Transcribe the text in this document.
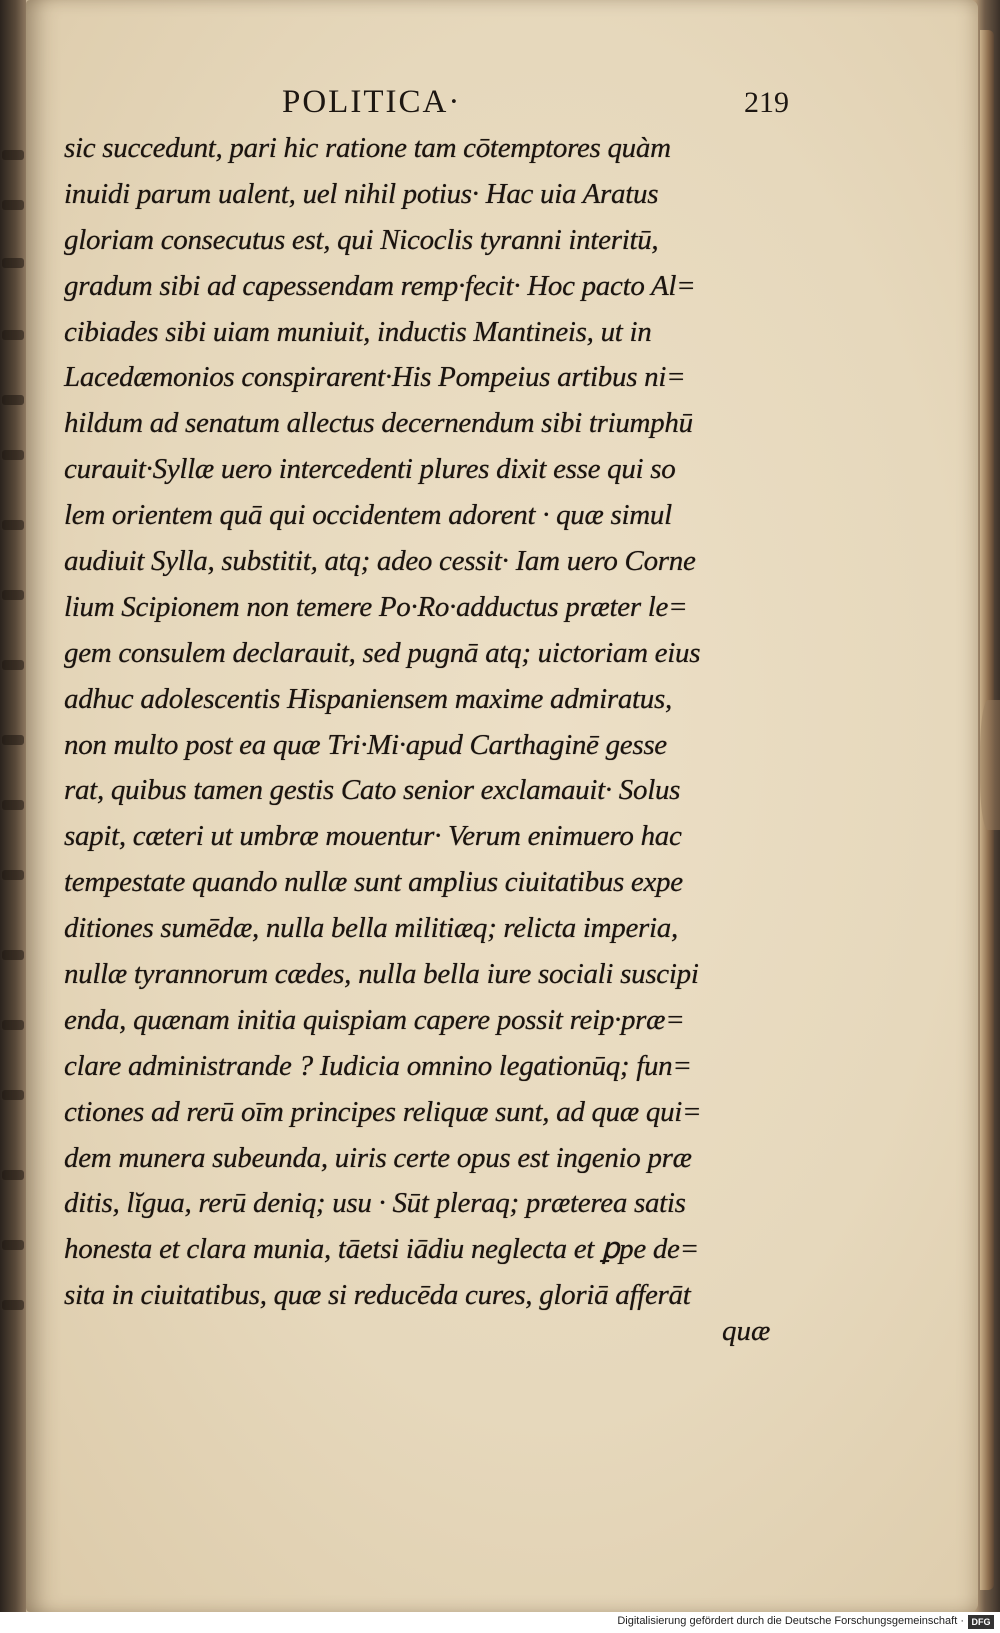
POLITICA·	219
sic succedunt, pari hic ratione tam cōtemptores quàm
inuidi parum ualent, uel nihil potius· Hac uia Aratus
gloriam consecutus est, qui Nicoclis tyranni interitū,
gradum sibi ad capessendam remp·fecit· Hoc pacto Al=
cibiades sibi uiam muniuit, inductis Mantineis, ut in
Lacedæmonios conspirarent·His Pompeius artibus ni=
hildum ad senatum allectus decernendum sibi triumphū
curauit·Syllæ uero intercedenti plures dixit esse qui so
lem orientem quā qui occidentem adorent · quæ simul
audiuit Sylla, substitit, atq; adeo cessit· Iam uero Corne
lium Scipionem non temere Po·Ro·adductus præter le=
gem consulem declarauit, sed pugnā atq; uictoriam eius
adhuc adolescentis Hispaniensem maxime admiratus,
non multo post ea quæ Tri·Mi·apud Carthaginē gesse
rat, quibus tamen gestis Cato senior exclamauit· Solus
sapit, cæteri ut umbræ mouentur· Verum enimuero hac
tempestate quando nullæ sunt amplius ciuitatibus expe
ditiones sumēdæ, nulla bella militiæq; relicta imperia,
nullæ tyrannorum cædes, nulla bella iure sociali suscipi
enda, quænam initia quispiam capere possit reip·præ=
clare administrande ? Iudicia omnino legationūq; fun=
ctiones ad rerū oīm principes reliquæ sunt, ad quæ qui=
dem munera subeunda, uiris certe opus est ingenio præ
ditis, lĭgua, rerū deniq; usu · Sūt pleraq; præterea satis
honesta et clara munia, tāetsi iādiu neglecta et ꝑpe de=
sita in ciuitatibus, quæ si reducēda cures, gloriā afferāt
quæ
Digitalisierung gefördert durch die Deutsche Forschungsgemeinschaft · DFG
